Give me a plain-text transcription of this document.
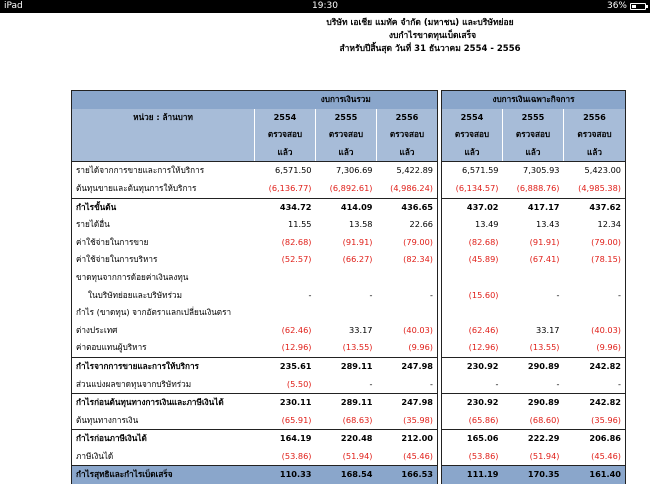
iPad	19:30	36%
บริษัท เอเชีย แมทัค จำกัด (มหาชน) และบริษัทย่อย
งบกำไรขาดทุนเบ็ดเสร็จ
สำหรับปีสิ้นสุด วันที่ 31 ธันวาคม 2554 - 2556
	งบการเงินรวม				งบการเงินเฉพาะกิจการ		
หน่วย : ล้านบาท	2554	2555	2556		2554	2555	2556
	ตรวจสอบ	ตรวจสอบ	ตรวจสอบ		ตรวจสอบ	ตรวจสอบ	ตรวจสอบ
	แล้ว	แล้ว	แล้ว		แล้ว	แล้ว	แล้ว
รายได้จากการขายและการให้บริการ	6,571.50	7,306.69	5,422.89		6,571.59	7,305.93	5,423.00
ต้นทุนขายและต้นทุนการให้บริการ	(6,136.77)	(6,892.61)	(4,986.24)		(6,134.57)	(6,888.76)	(4,985.38)
กำไรขั้นต้น	434.72	414.09	436.65		437.02	417.17	437.62
รายได้อื่น	11.55	13.58	22.66		13.49	13.43	12.34
ค่าใช้จ่ายในการขาย	(82.68)	(91.91)	(79.00)		(82.68)	(91.91)	(79.00)
ค่าใช้จ่ายในการบริหาร	(52.57)	(66.27)	(82.34)		(45.89)	(67.41)	(78.15)
ขาดทุนจากการด้อยค่าเงินลงทุน							
ในบริษัทย่อยและบริษัทร่วม	-	-	-		(15.60)	-	-
กำไร (ขาดทุน) จากอัตราแลกเปลี่ยนเงินตรา							
ต่างประเทศ	(62.46)	33.17	(40.03)		(62.46)	33.17	(40.03)
ค่าตอบแทนผู้บริหาร	(12.96)	(13.55)	(9.96)		(12.96)	(13.55)	(9.96)
กำไรจากการขายและการให้บริการ	235.61	289.11	247.98		230.92	290.89	242.82
ส่วนแบ่งผลขาดทุนจากบริษัทร่วม	(5.50)	-	-		-	-	-
กำไรก่อนต้นทุนทางการเงินและภาษีเงินได้	230.11	289.11	247.98		230.92	290.89	242.82
ต้นทุนทางการเงิน	(65.91)	(68.63)	(35.98)		(65.86)	(68.60)	(35.96)
กำไรก่อนภาษีเงินได้	164.19	220.48	212.00		165.06	222.29	206.86
ภาษีเงินได้	(53.86)	(51.94)	(45.46)		(53.86)	(51.94)	(45.46)
กำไรสุทธิและกำไรเบ็ดเสร็จ	110.33	168.54	166.53		111.19	170.35	161.40
